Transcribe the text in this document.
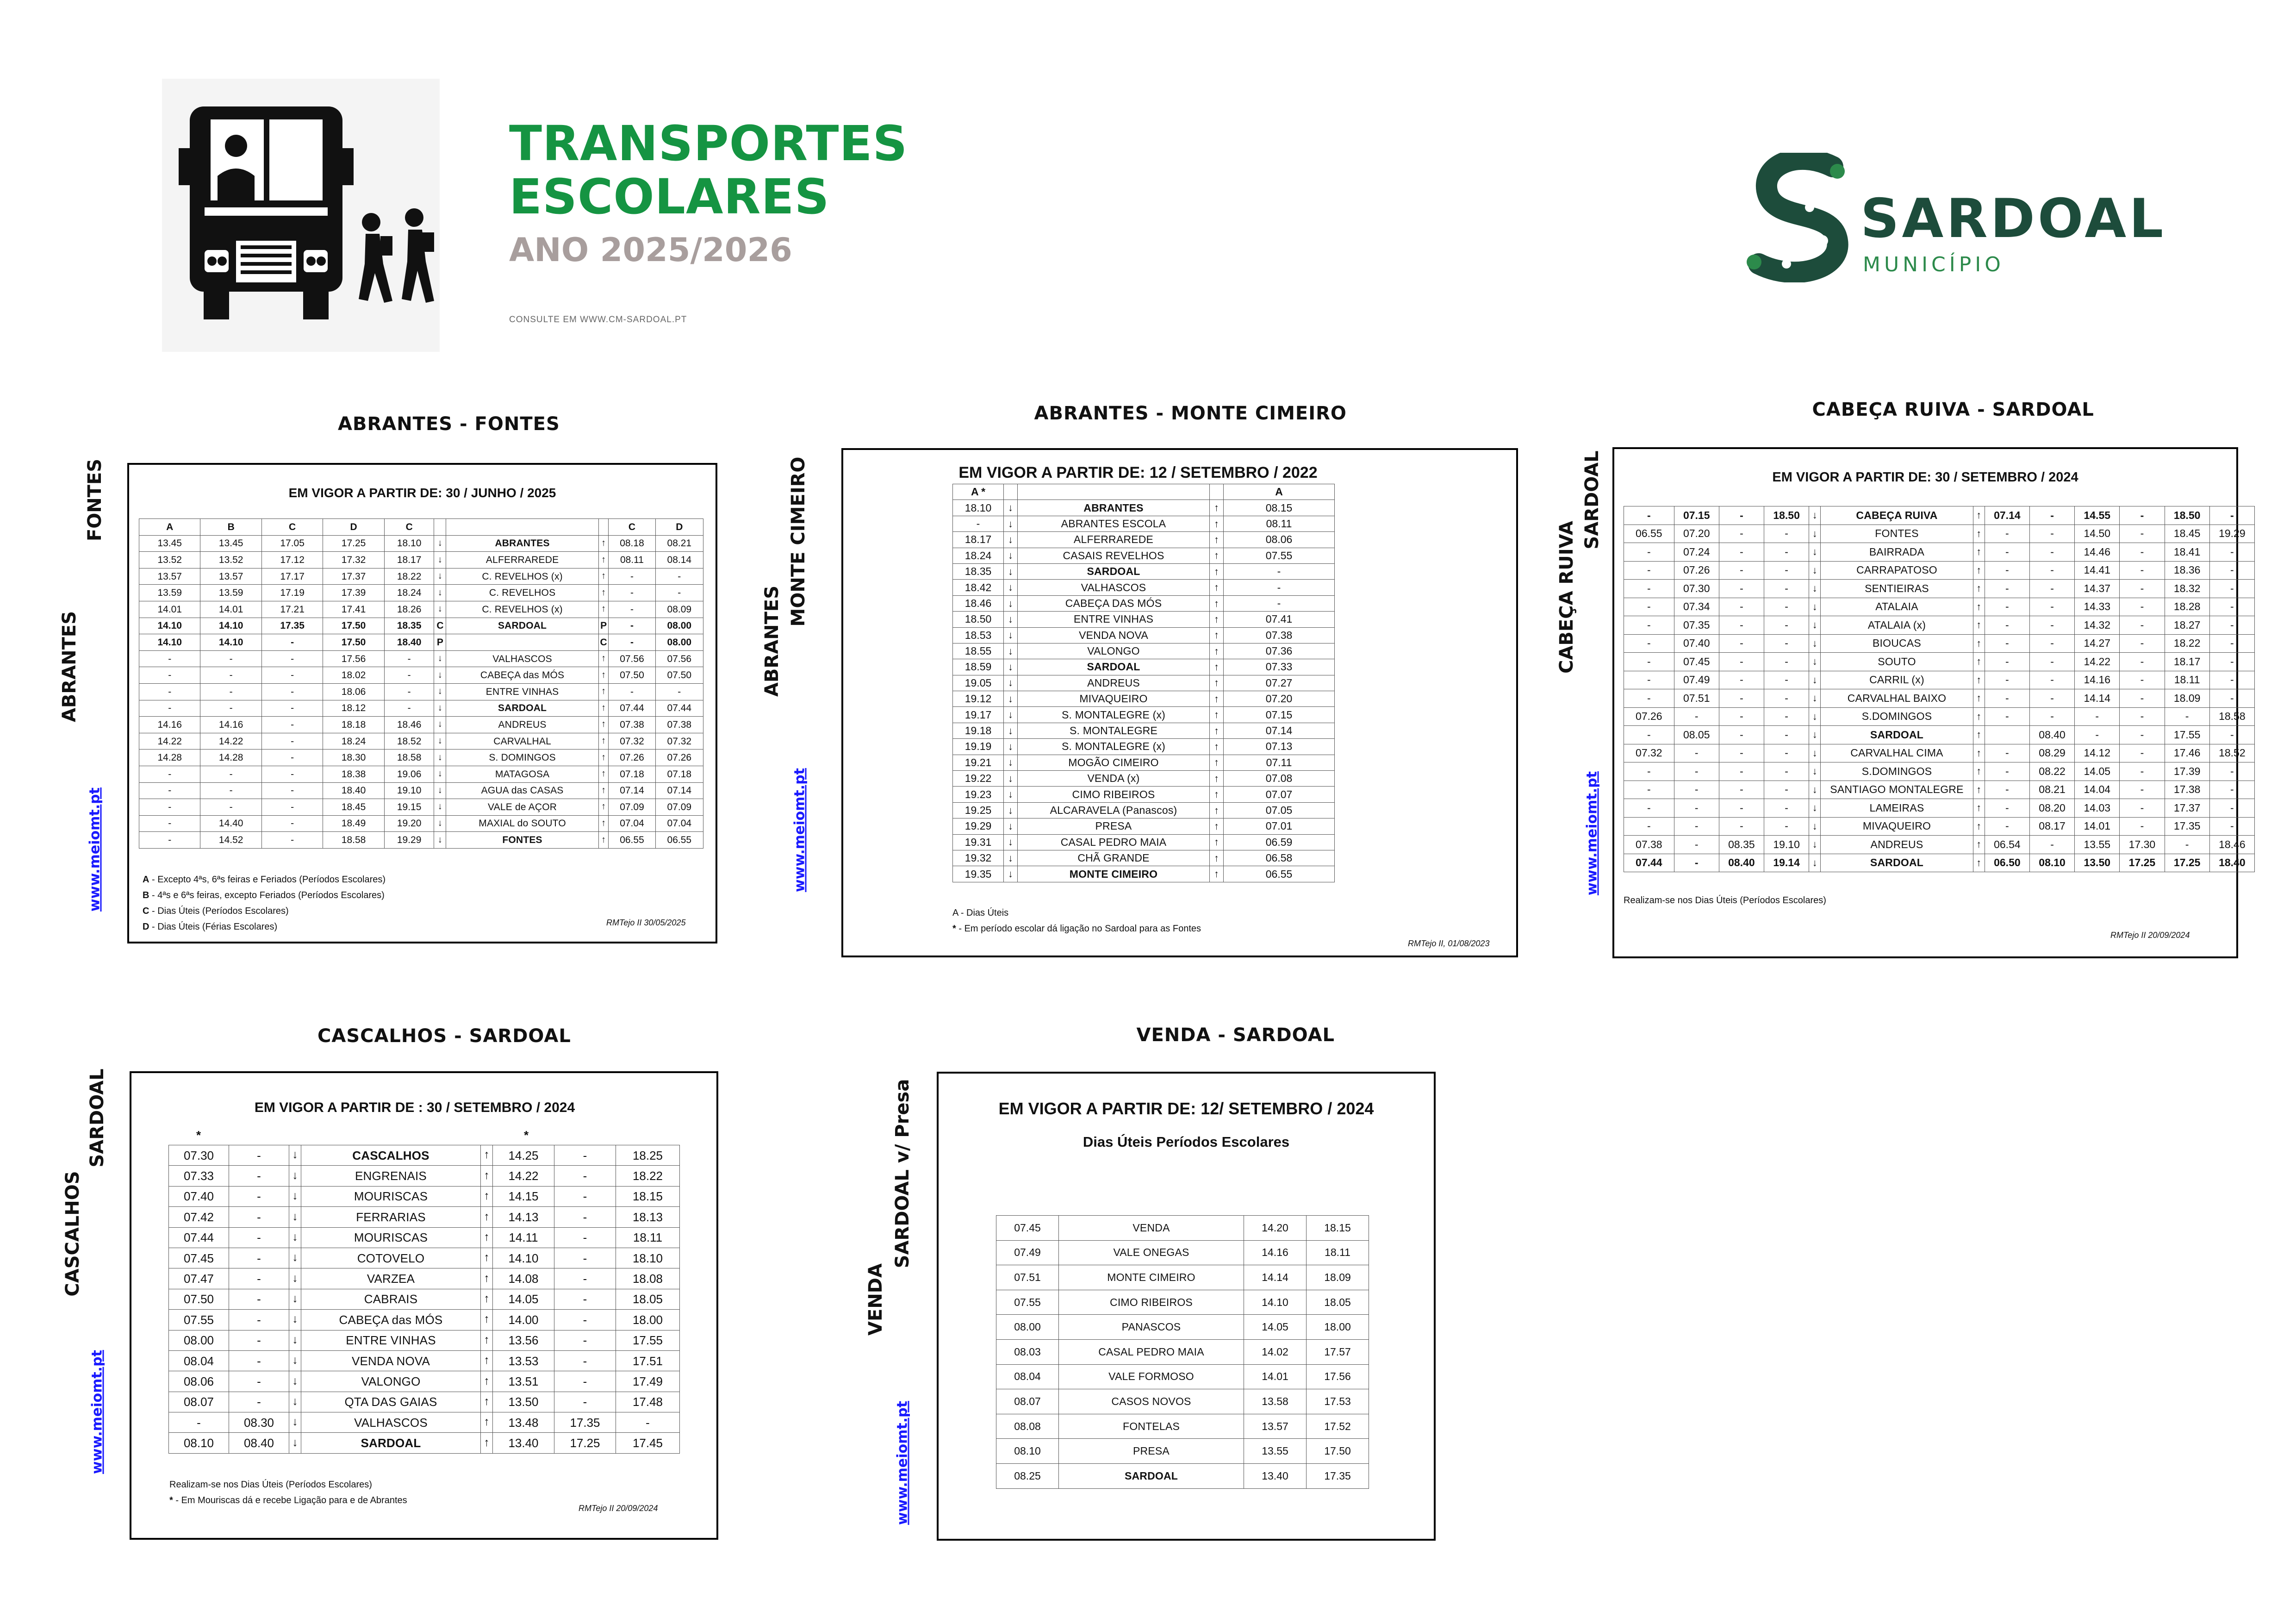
TRANSPORTES
ESCOLARES
ANO 2025/2026
CONSULTE EM WWW.CM-SARDOAL.PT
SARDOAL
MUNICÍPIO
ABRANTES - FONTES
FONTES
ABRANTES
www.meiomt.pt
EM VIGOR A PARTIR DE: 30 / JUNHO / 2025
A	B	C	D	C				C	D
13.45	13.45	17.05	17.25	18.10	↓	ABRANTES	↑	08.18	08.21
13.52	13.52	17.12	17.32	18.17	↓	ALFERRAREDE	↑	08.11	08.14
13.57	13.57	17.17	17.37	18.22	↓	C. REVELHOS (x)	↑	-	-
13.59	13.59	17.19	17.39	18.24	↓	C. REVELHOS	↑	-	-
14.01	14.01	17.21	17.41	18.26	↓	C. REVELHOS (x)	↑	-	08.09
14.10	14.10	17.35	17.50	18.35	C	SARDOAL	P	-	08.00
14.10	14.10	-	17.50	18.40	P		C	-	08.00
-	-	-	17.56	-	↓	VALHASCOS	↑	07.56	07.56
-	-	-	18.02	-	↓	CABEÇA das MÓS	↑	07.50	07.50
-	-	-	18.06	-	↓	ENTRE VINHAS	↑	-	-
-	-	-	18.12	-	↓	SARDOAL	↑	07.44	07.44
14.16	14.16	-	18.18	18.46	↓	ANDREUS	↑	07.38	07.38
14.22	14.22	-	18.24	18.52	↓	CARVALHAL	↑	07.32	07.32
14.28	14.28	-	18.30	18.58	↓	S. DOMINGOS	↑	07.26	07.26
-	-	-	18.38	19.06	↓	MATAGOSA	↑	07.18	07.18
-	-	-	18.40	19.10	↓	AGUA das CASAS	↑	07.14	07.14
-	-	-	18.45	19.15	↓	VALE de AÇOR	↑	07.09	07.09
-	14.40	-	18.49	19.20	↓	MAXIAL do SOUTO	↑	07.04	07.04
-	14.52	-	18.58	19.29	↓	FONTES	↑	06.55	06.55
A - Excepto 4ªs, 6ªs feiras e Feriados (Períodos Escolares)
B - 4ªs e 6ªs feiras, excepto Feriados (Períodos Escolares)
C - Dias Úteis (Períodos Escolares)
D - Dias Úteis (Férias Escolares)	RMTejo II 30/05/2025
ABRANTES - MONTE CIMEIRO
MONTE CIMEIRO
ABRANTES
www.meiomt.pt
EM VIGOR A PARTIR DE: 12 / SETEMBRO / 2022
A *				A	
18.10	↓	ABRANTES	↑	08.15	
-	↓	ABRANTES ESCOLA	↑	08.11	
18.17	↓	ALFERRAREDE	↑	08.06	
18.24	↓	CASAIS REVELHOS	↑	07.55	
18.35	↓	SARDOAL	↑	-	
18.42	↓	VALHASCOS	↑	-	
18.46	↓	CABEÇA DAS MÓS	↑	-	
18.50	↓	ENTRE VINHAS	↑	07.41	
18.53	↓	VENDA NOVA	↑	07.38	
18.55	↓	VALONGO	↑	07.36	
18.59	↓	SARDOAL	↑	07.33	
19.05	↓	ANDREUS	↑	07.27	
19.12	↓	MIVAQUEIRO	↑	07.20	
19.17	↓	S. MONTALEGRE (x)	↑	07.15	
19.18	↓	S. MONTALEGRE	↑	07.14	
19.19	↓	S. MONTALEGRE (x)	↑	07.13	
19.21	↓	MOGÃO CIMEIRO	↑	07.11	
19.22	↓	VENDA (x)	↑	07.08	
19.23	↓	CIMO RIBEIROS	↑	07.07	
19.25	↓	ALCARAVELA (Panascos)	↑	07.05	
19.29	↓	PRESA	↑	07.01	
19.31	↓	CASAL PEDRO MAIA	↑	06.59	
19.32	↓	CHÃ GRANDE	↑	06.58	
19.35	↓	MONTE CIMEIRO	↑	06.55	
A - Dias Úteis
* - Em período escolar dá ligação no Sardoal para as Fontes
RMTejo II, 01/08/2023
CABEÇA RUIVA - SARDOAL
SARDOAL
CABEÇA RUIVA
www.meiomt.pt
EM VIGOR A PARTIR DE: 30 / SETEMBRO / 2024
-	07.15	-	18.50	↓	CABEÇA RUIVA	↑	07.14	-	14.55	-	18.50	-
06.55	07.20	-	-	↓	FONTES	↑	-	-	14.50	-	18.45	19.29
-	07.24	-	-	↓	BAIRRADA	↑	-	-	14.46	-	18.41	-
-	07.26	-	-	↓	CARRAPATOSO	↑	-	-	14.41	-	18.36	-
-	07.30	-	-	↓	SENTIEIRAS	↑	-	-	14.37	-	18.32	-
-	07.34	-	-	↓	ATALAIA	↑	-	-	14.33	-	18.28	-
-	07.35	-	-	↓	ATALAIA (x)	↑	-	-	14.32	-	18.27	-
-	07.40	-	-	↓	BIOUCAS	↑	-	-	14.27	-	18.22	-
-	07.45	-	-	↓	SOUTO	↑	-	-	14.22	-	18.17	-
-	07.49	-	-	↓	CARRIL (x)	↑	-	-	14.16	-	18.11	-
-	07.51	-	-	↓	CARVALHAL BAIXO	↑	-	-	14.14	-	18.09	-
07.26	-	-	-	↓	S.DOMINGOS	↑	-	-	-	-	-	18.58
-	08.05	-	-	↓	SARDOAL	↑		08.40	-	-	17.55	-
07.32	-	-	-	↓	CARVALHAL CIMA	↑	-	08.29	14.12	-	17.46	18.52
-	-	-	-	↓	S.DOMINGOS	↑	-	08.22	14.05	-	17.39	-
-	-	-	-	↓	SANTIAGO MONTALEGRE	↑	-	08.21	14.04	-	17.38	-
-	-	-	-	↓	LAMEIRAS	↑	-	08.20	14.03	-	17.37	-
-	-	-	-	↓	MIVAQUEIRO	↑	-	08.17	14.01	-	17.35	-
07.38	-	08.35	19.10	↓	ANDREUS	↑	06.54	-	13.55	17.30	-	18.46
07.44	-	08.40	19.14	↓	SARDOAL	↑	06.50	08.10	13.50	17.25	17.25	18.40
Realizam-se nos Dias Úteis (Períodos Escolares)
RMTejo II 20/09/2024
CASCALHOS - SARDOAL
SARDOAL
CASCALHOS
www.meiomt.pt
EM VIGOR A PARTIR DE : 30 / SETEMBRO / 2024
*	*
07.30	-	↓	CASCALHOS	↑	14.25	-	18.25
07.33	-	↓	ENGRENAIS	↑	14.22	-	18.22
07.40	-	↓	MOURISCAS	↑	14.15	-	18.15
07.42	-	↓	FERRARIAS	↑	14.13	-	18.13
07.44	-	↓	MOURISCAS	↑	14.11	-	18.11
07.45	-	↓	COTOVELO	↑	14.10	-	18.10
07.47	-	↓	VARZEA	↑	14.08	-	18.08
07.50	-	↓	CABRAIS	↑	14.05	-	18.05
07.55	-	↓	CABEÇA das MÓS	↑	14.00	-	18.00
08.00	-	↓	ENTRE VINHAS	↑	13.56	-	17.55
08.04	-	↓	VENDA NOVA	↑	13.53	-	17.51
08.06	-	↓	VALONGO	↑	13.51	-	17.49
08.07	-	↓	QTA DAS GAIAS	↑	13.50	-	17.48
-	08.30	↓	VALHASCOS	↑	13.48	17.35	-
08.10	08.40	↓	SARDOAL	↑	13.40	17.25	17.45
Realizam-se nos Dias Úteis (Períodos Escolares)
* - Em Mouriscas dá e recebe Ligação para e de Abrantes
RMTejo II 20/09/2024
VENDA - SARDOAL
SARDOAL v/ Presa
VENDA
www.meiomt.pt
EM VIGOR A PARTIR DE: 12/ SETEMBRO / 2024
Dias Úteis Períodos Escolares
07.45	VENDA	14.20	18.15
07.49	VALE ONEGAS	14.16	18.11
07.51	MONTE CIMEIRO	14.14	18.09
07.55	CIMO RIBEIROS	14.10	18.05
08.00	PANASCOS	14.05	18.00
08.03	CASAL PEDRO MAIA	14.02	17.57
08.04	VALE FORMOSO	14.01	17.56
08.07	CASOS NOVOS	13.58	17.53
08.08	FONTELAS	13.57	17.52
08.10	PRESA	13.55	17.50
08.25	SARDOAL	13.40	17.35
